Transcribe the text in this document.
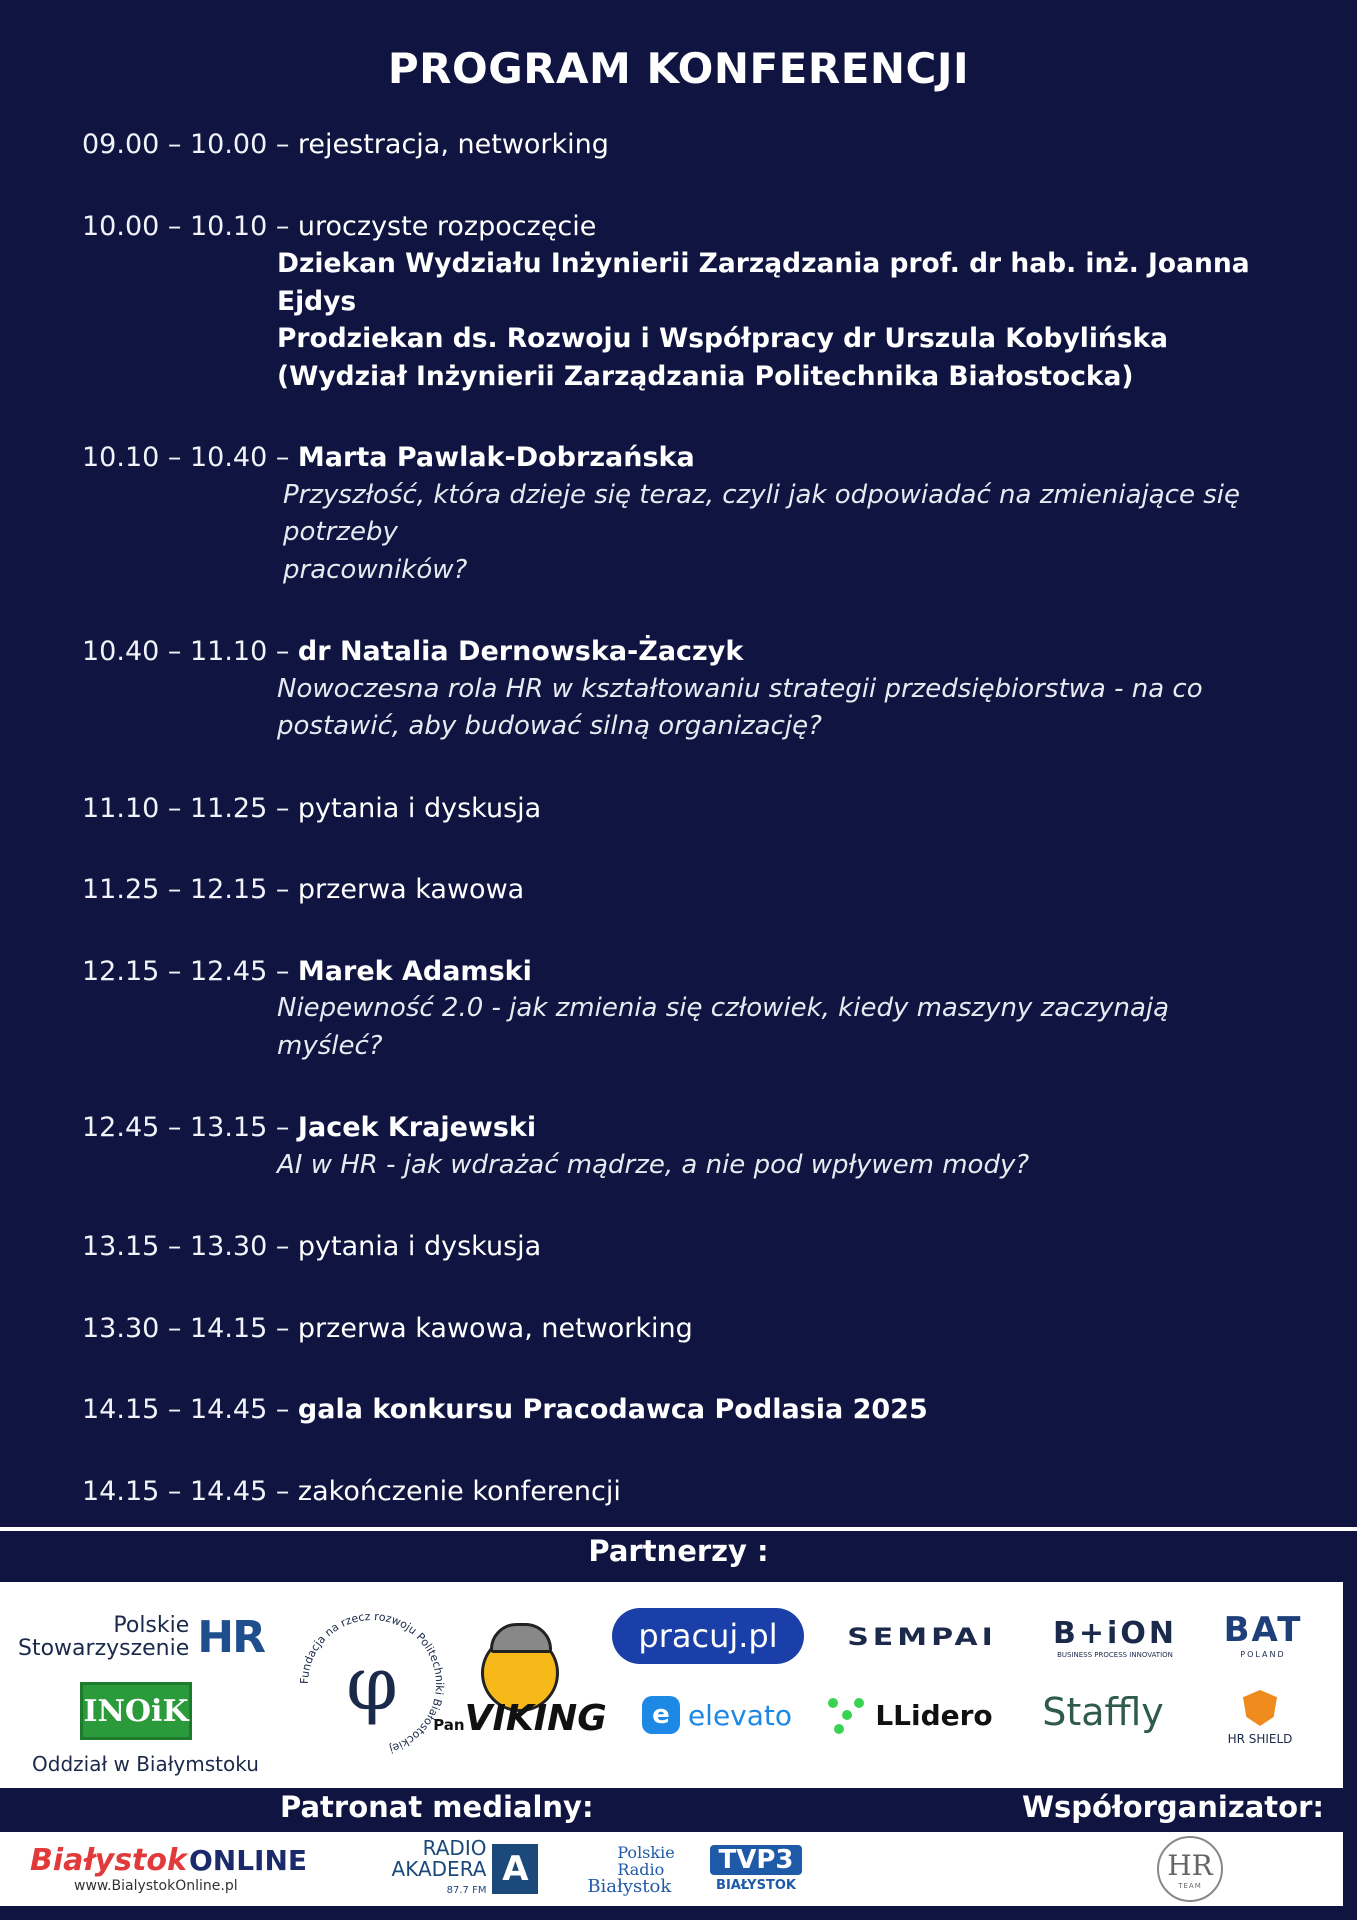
PROGRAM KONFERENCJI
09.00 – 10.00 – rejestracja, networking
10.00 – 10.10 – uroczyste rozpoczęcie
Dziekan Wydziału Inżynierii Zarządzania prof. dr hab. inż. Joanna Ejdys
Prodziekan ds. Rozwoju i Współpracy dr Urszula Kobylińska
(Wydział Inżynierii Zarządzania Politechnika Białostocka)
10.10 – 10.40 – Marta Pawlak-Dobrzańska
Przyszłość, która dzieje się teraz, czyli jak odpowiadać na zmieniające się potrzeby
pracowników?
10.40 – 11.10 – dr Natalia Dernowska-Żaczyk
Nowoczesna rola HR w kształtowaniu strategii przedsiębiorstwa - na co
postawić, aby budować silną organizację?
11.10 – 11.25 – pytania i dyskusja
11.25 – 12.15 – przerwa kawowa
12.15 – 12.45 – Marek Adamski
Niepewność 2.0 - jak zmienia się człowiek, kiedy maszyny zaczynają
myśleć?
12.45 – 13.15 – Jacek Krajewski
AI w HR - jak wdrażać mądrze, a nie pod wpływem mody?
13.15 – 13.30 – pytania i dyskusja
13.30 – 14.15 – przerwa kawowa, networking
14.15 – 14.45 – gala konkursu Pracodawca Podlasia 2025
14.15 – 14.45 – zakończenie konferencji
Partnerzy :
Polskie
Stowarzyszenie HR
INOiK
Oddział w Białymstoku
Fundacja na rzecz rozwoju Politechniki Białostockiej
φ Pan VIKING
pracuj.pl SEMPAI B+iON
BUSINESS PROCESS INNOVATION
BAT
POLAND
e elevato	LLidero Staffly
HR SHIELD
Patronat medialny:	Współorganizator:
Białystok ONLINE
www.BialystokOnline.pl
RADIO
AKADERA
87.7 FM
A	Polskie
Radio
Białystok
TVP3
BIAŁYSTOK
HR
TEAM
